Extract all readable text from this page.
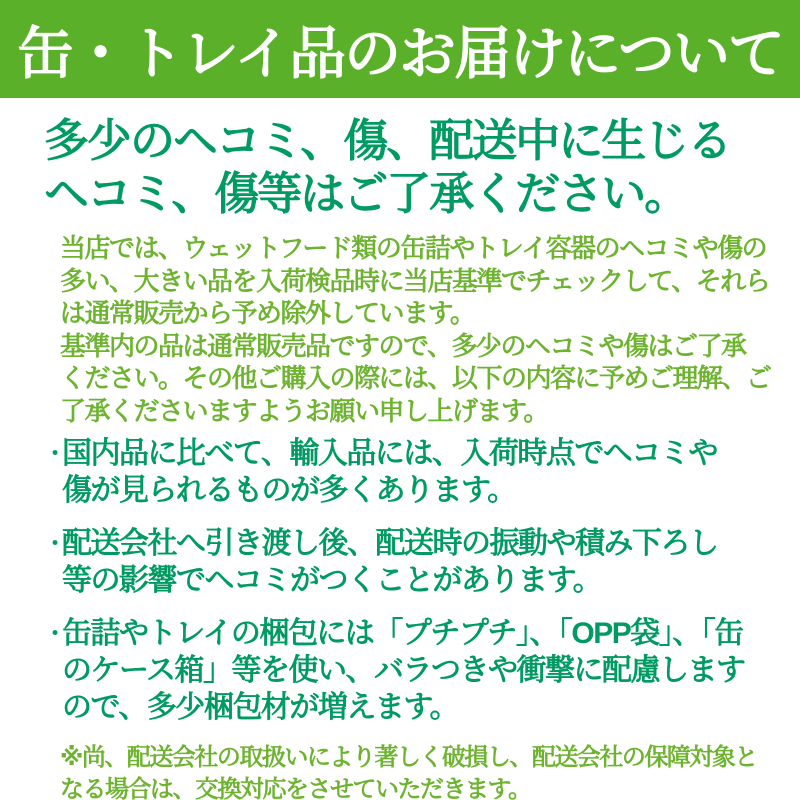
缶・トレイ品のお届けについて
多少のヘコミ、傷、配送中に生じる
ヘコミ、傷等はご了承ください。
当店では、ウェットフード類の缶詰やトレイ容器のヘコミや傷の
多い、大きい品を入荷検品時に当店基準でチェックして、それら
は通常販売から予め除外しています。
基準内の品は通常販売品ですので、多少のヘコミや傷はご了承
ください。その他ご購入の際には、以下の内容に予めご理解、ご
了承くださいますようお願い申し上げます。
・
国内品に比べて、輸入品には、入荷時点でヘコミや
傷が見られるものが多くあります。
・
配送会社へ引き渡し後、配送時の振動や積み下ろし
等の影響でヘコミがつくことがあります。
・
缶詰やトレイの梱包には「プチプチ」、「OPP袋」、「缶
のケース箱」等を使い、バラつきや衝撃に配慮します
ので、多少梱包材が増えます。
※尚、配送会社の取扱いにより著しく破損し、配送会社の保障対象と
なる場合は、交換対応をさせていただきます。
